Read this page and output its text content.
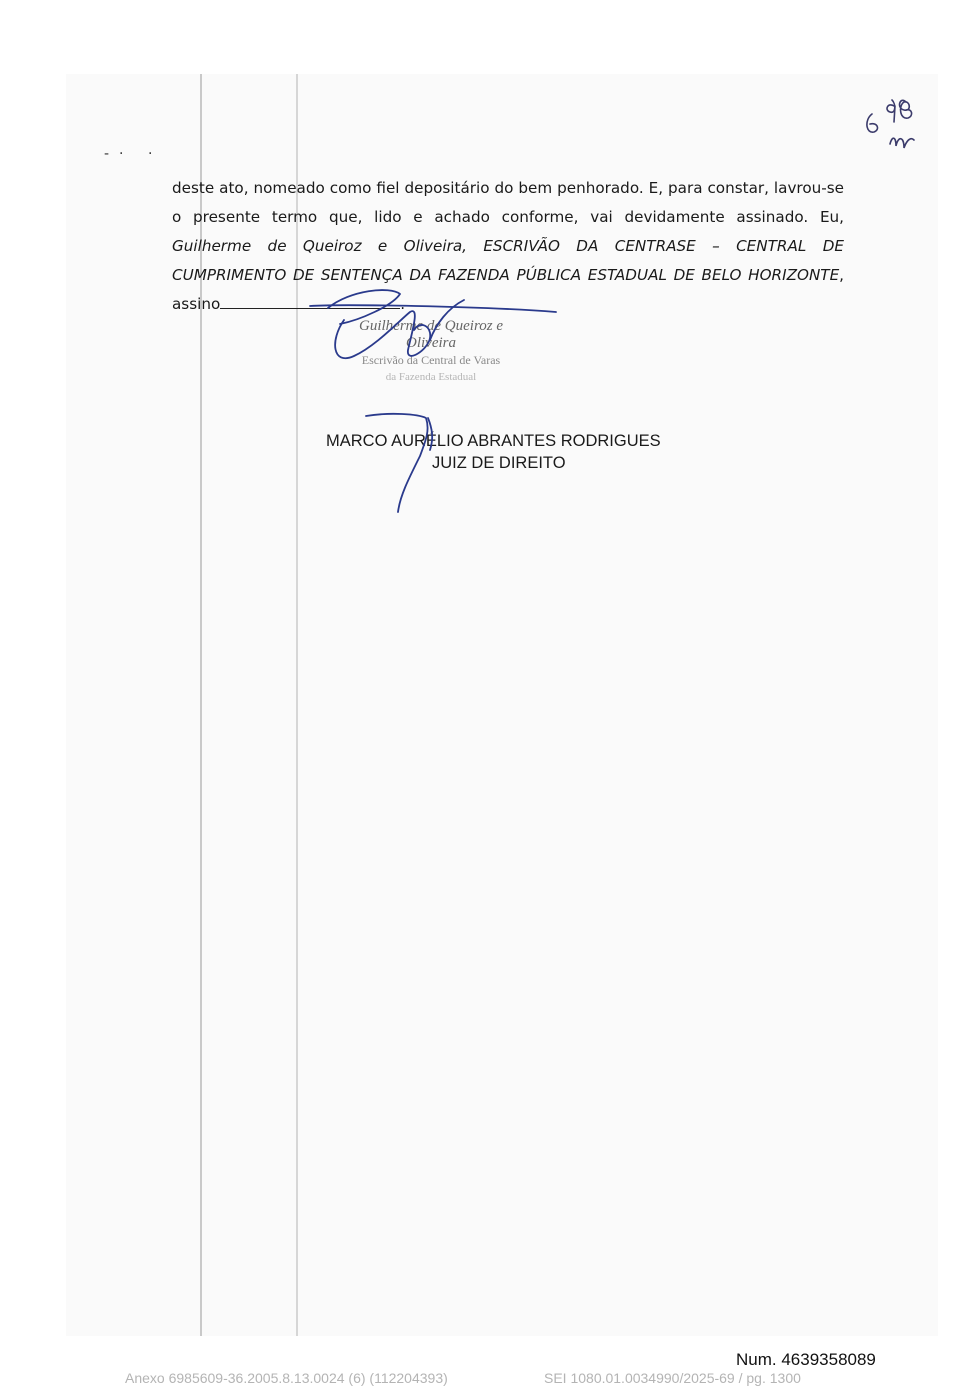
-· ·
deste ato, nomeado como fiel depositário do bem penhorado. E, para constar, lavrou-se o presente termo que, lido e achado conforme, vai devidamente assinado. Eu, Guilherme de Queiroz e Oliveira, ESCRIVÃO DA CENTRASE – CENTRAL DE CUMPRIMENTO DE SENTENÇA DA FAZENDA PÚBLICA ESTADUAL DE BELO HORIZONTE, assino	.
Guilherme de Queiroz e Oliveira
Escrivão da Central de Varas
da Fazenda Estadual
MARCO AURÉLIO ABRANTES RODRIGUES
JUIZ DE DIREITO
Num. 4639358089
Anexo 6985609-36.2005.8.13.0024 (6) (112204393)	SEI 1080.01.0034990/2025-69 / pg. 1300
